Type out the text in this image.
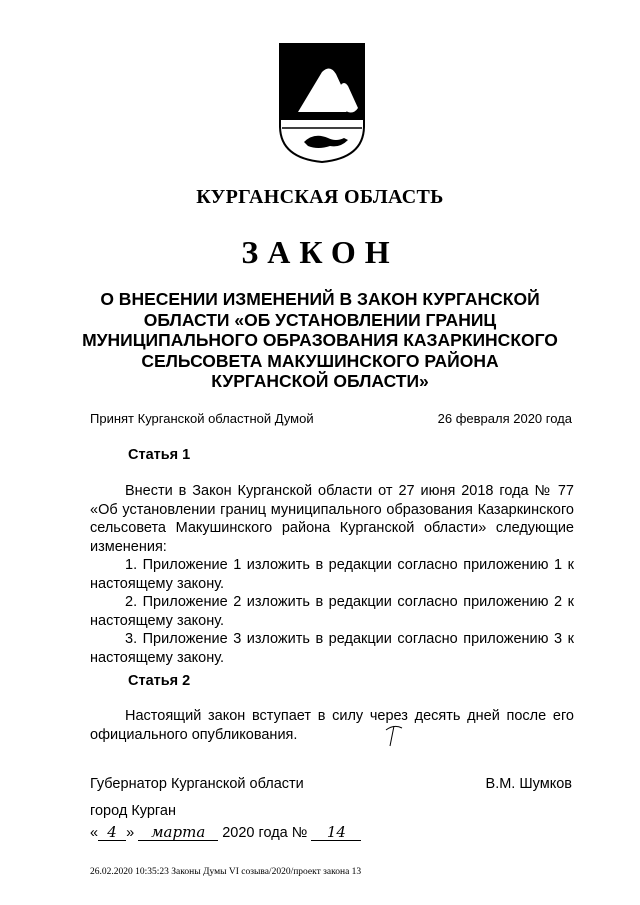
КУРГАНСКАЯ ОБЛАСТЬ
ЗАКОН
О ВНЕСЕНИИ ИЗМЕНЕНИЙ В ЗАКОН КУРГАНСКОЙ
ОБЛАСТИ «ОБ УСТАНОВЛЕНИИ ГРАНИЦ
МУНИЦИПАЛЬНОГО ОБРАЗОВАНИЯ КАЗАРКИНСКОГО
СЕЛЬСОВЕТА МАКУШИНСКОГО РАЙОНА
КУРГАНСКОЙ ОБЛАСТИ»
Принят Курганской областной Думой	26 февраля 2020 года
Статья 1

Внести в Закон Курганской области от 27 июня 2018 года № 77 «Об установлении границ муниципального образования Казаркинского сельсовета Макушинского района Курганской области» следующие изменения:

1. Приложение 1 изложить в редакции согласно приложению 1 к настоящему закону.

2. Приложение 2 изложить в редакции согласно приложению 2 к настоящему закону.

3. Приложение 3 изложить в редакции согласно приложению 3 к настоящему закону.

Статья 2

Настоящий закон вступает в силу через десять дней после его официального опубликования.

Губернатор Курганской области	В.М. Шумков
город Курган
« 4 » марта 2020 года № 14
26.02.2020 10:35:23 Законы Думы VI созыва/2020/проект закона 13
